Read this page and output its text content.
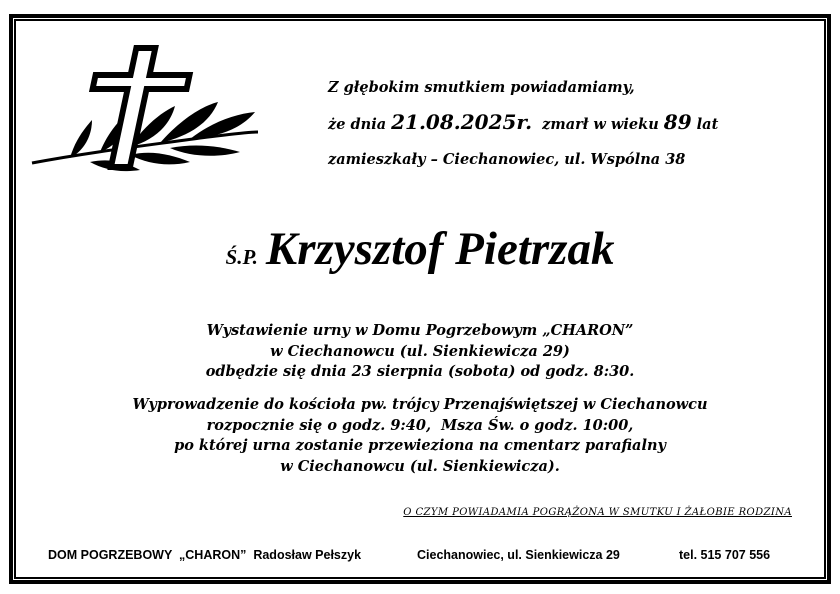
Z głębokim smutkiem powiadamiamy,
że dnia 21.08.2025r.  zmarł w wieku 89 lat
zamieszkały – Ciechanowiec, ul. Wspólna 38
Ś.P. Krzysztof Pietrzak
Wystawienie urny w Domu Pogrzebowym „CHARON”
w Ciechanowcu (ul. Sienkiewicza 29)
odbędzie się dnia 23 sierpnia (sobota) od godz. 8:30.
Wyprowadzenie do kościoła pw. trójcy Przenajświętszej w Ciechanowcu
rozpocznie się o godz. 9:40,  Msza Św. o godz. 10:00,
po której urna zostanie przewieziona na cmentarz parafialny
w Ciechanowcu (ul. Sienkiewicza).
O CZYM POWIADAMIA POGRĄŻONA W SMUTKU I ŻAŁOBIE RODZINA
DOM POGRZEBOWY  „CHARON”  Radosław Pełszyk	Ciechanowiec, ul. Sienkiewicza 29	tel. 515 707 556
